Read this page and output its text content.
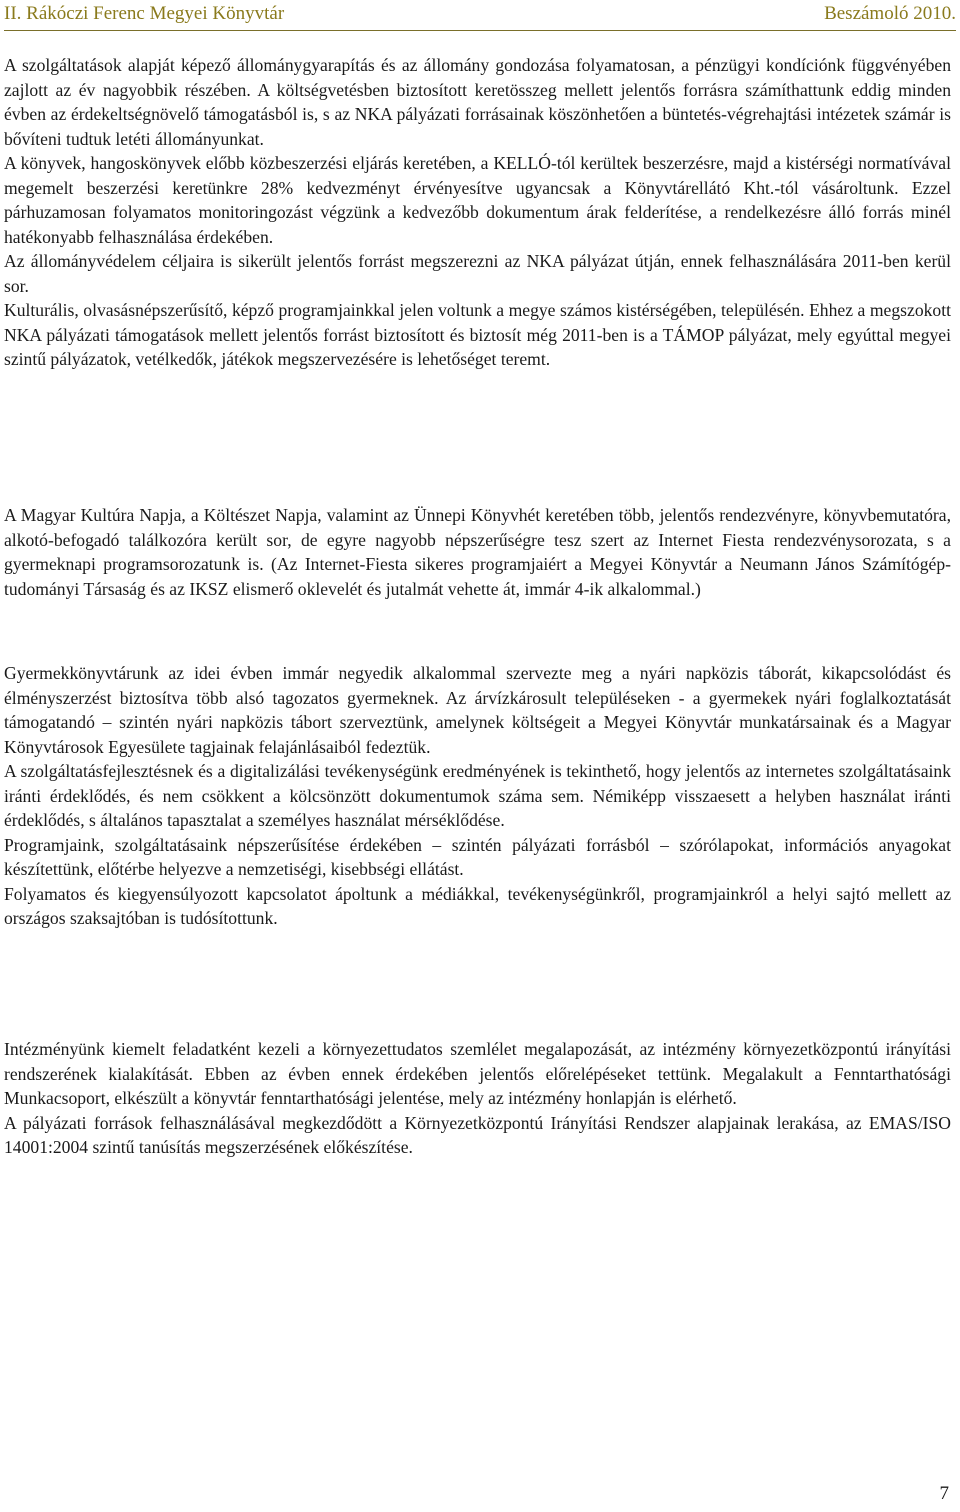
II. Rákóczi Ferenc Megyei Könyvtár	Beszámoló 2010.

A szolgáltatások alapját képező állománygyarapítás és az állomány gondozása folyamatosan, a pénzügyi kondíciónk függvényében zajlott az év nagyobbik részében. A költségvetésben biztosított keretösszeg mellett jelentős forrásra számíthattunk eddig minden évben az érdekeltségnövelő támogatásból is, s az NKA pályázati forrásainak köszönhetően a büntetés-végrehajtási intézetek számár is bővíteni tudtuk letéti állományunkat.

A könyvek, hangoskönyvek előbb közbeszerzési eljárás keretében, a KELLÓ-tól kerültek beszerzésre, majd a kistérségi normatívával megemelt beszerzési keretünkre 28% kedvezményt érvényesítve ugyancsak a Könyvtárellátó Kht.-tól vásároltunk. Ezzel párhuzamosan folyamatos monitoringozást végzünk a kedvezőbb dokumentum árak felderítése, a rendelkezésre álló forrás minél hatékonyabb felhasználása érdekében.

Az állományvédelem céljaira is sikerült jelentős forrást megszerezni az NKA pályázat útján, ennek felhasználására 2011-ben kerül sor.

Kulturális, olvasásnépszerűsítő, képző programjainkkal jelen voltunk a megye számos kistérségében, településén. Ehhez a megszokott NKA pályázati támogatások mellett jelentős forrást biztosított és biztosít még 2011-ben is a TÁMOP pályázat, mely egyúttal megyei szintű pályázatok, vetélkedők, játékok megszervezésére is lehetőséget teremt.

A Magyar Kultúra Napja, a Költészet Napja, valamint az Ünnepi Könyvhét keretében több, jelentős rendezvényre, könyvbemutatóra, alkotó-befogadó találkozóra került sor, de egyre nagyobb népszerűségre tesz szert az Internet Fiesta rendezvénysorozata, s a gyermeknapi programsorozatunk is. (Az Internet-Fiesta sikeres programjaiért a Megyei Könyvtár a Neumann János Számítógép-tudományi Társaság és az IKSZ elismerő oklevelét és jutalmát vehette át, immár 4-ik alkalommal.)

Gyermekkönyvtárunk az idei évben immár negyedik alkalommal szervezte meg a nyári napközis táborát, kikapcsolódást és élményszerzést biztosítva több alsó tagozatos gyermeknek. Az árvízkárosult településeken - a gyermekek nyári foglalkoztatását támogatandó – szintén nyári napközis tábort szerveztünk, amelynek költségeit a Megyei Könyvtár munkatársainak és a Magyar Könyvtárosok Egyesülete tagjainak felajánlásaiból fedeztük.

A szolgáltatásfejlesztésnek és a digitalizálási tevékenységünk eredményének is tekinthető, hogy jelentős az internetes szolgáltatásaink iránti érdeklődés, és nem csökkent a kölcsönzött dokumentumok száma sem. Némiképp visszaesett a helyben használat iránti érdeklődés, s általános tapasztalat a személyes használat mérséklődése.

Programjaink, szolgáltatásaink népszerűsítése érdekében – szintén pályázati forrásból – szórólapokat, információs anyagokat készítettünk, előtérbe helyezve a nemzetiségi, kisebbségi ellátást.

Folyamatos és kiegyensúlyozott kapcsolatot ápoltunk a médiákkal, tevékenységünkről, programjainkról a helyi sajtó mellett az országos szaksajtóban is tudósítottunk.

Intézményünk kiemelt feladatként kezeli a környezettudatos szemlélet megalapozását, az intézmény környezetközpontú irányítási rendszerének kialakítását. Ebben az évben ennek érdekében jelentős előrelépéseket tettünk. Megalakult a Fenntarthatósági Munkacsoport, elkészült a könyvtár fenntarthatósági jelentése, mely az intézmény honlapján is elérhető.

A pályázati források felhasználásával megkezdődött a Környezetközpontú Irányítási Rendszer alapjainak lerakása, az EMAS/ISO 14001:2004 szintű tanúsítás megszerzésének előkészítése.

7
